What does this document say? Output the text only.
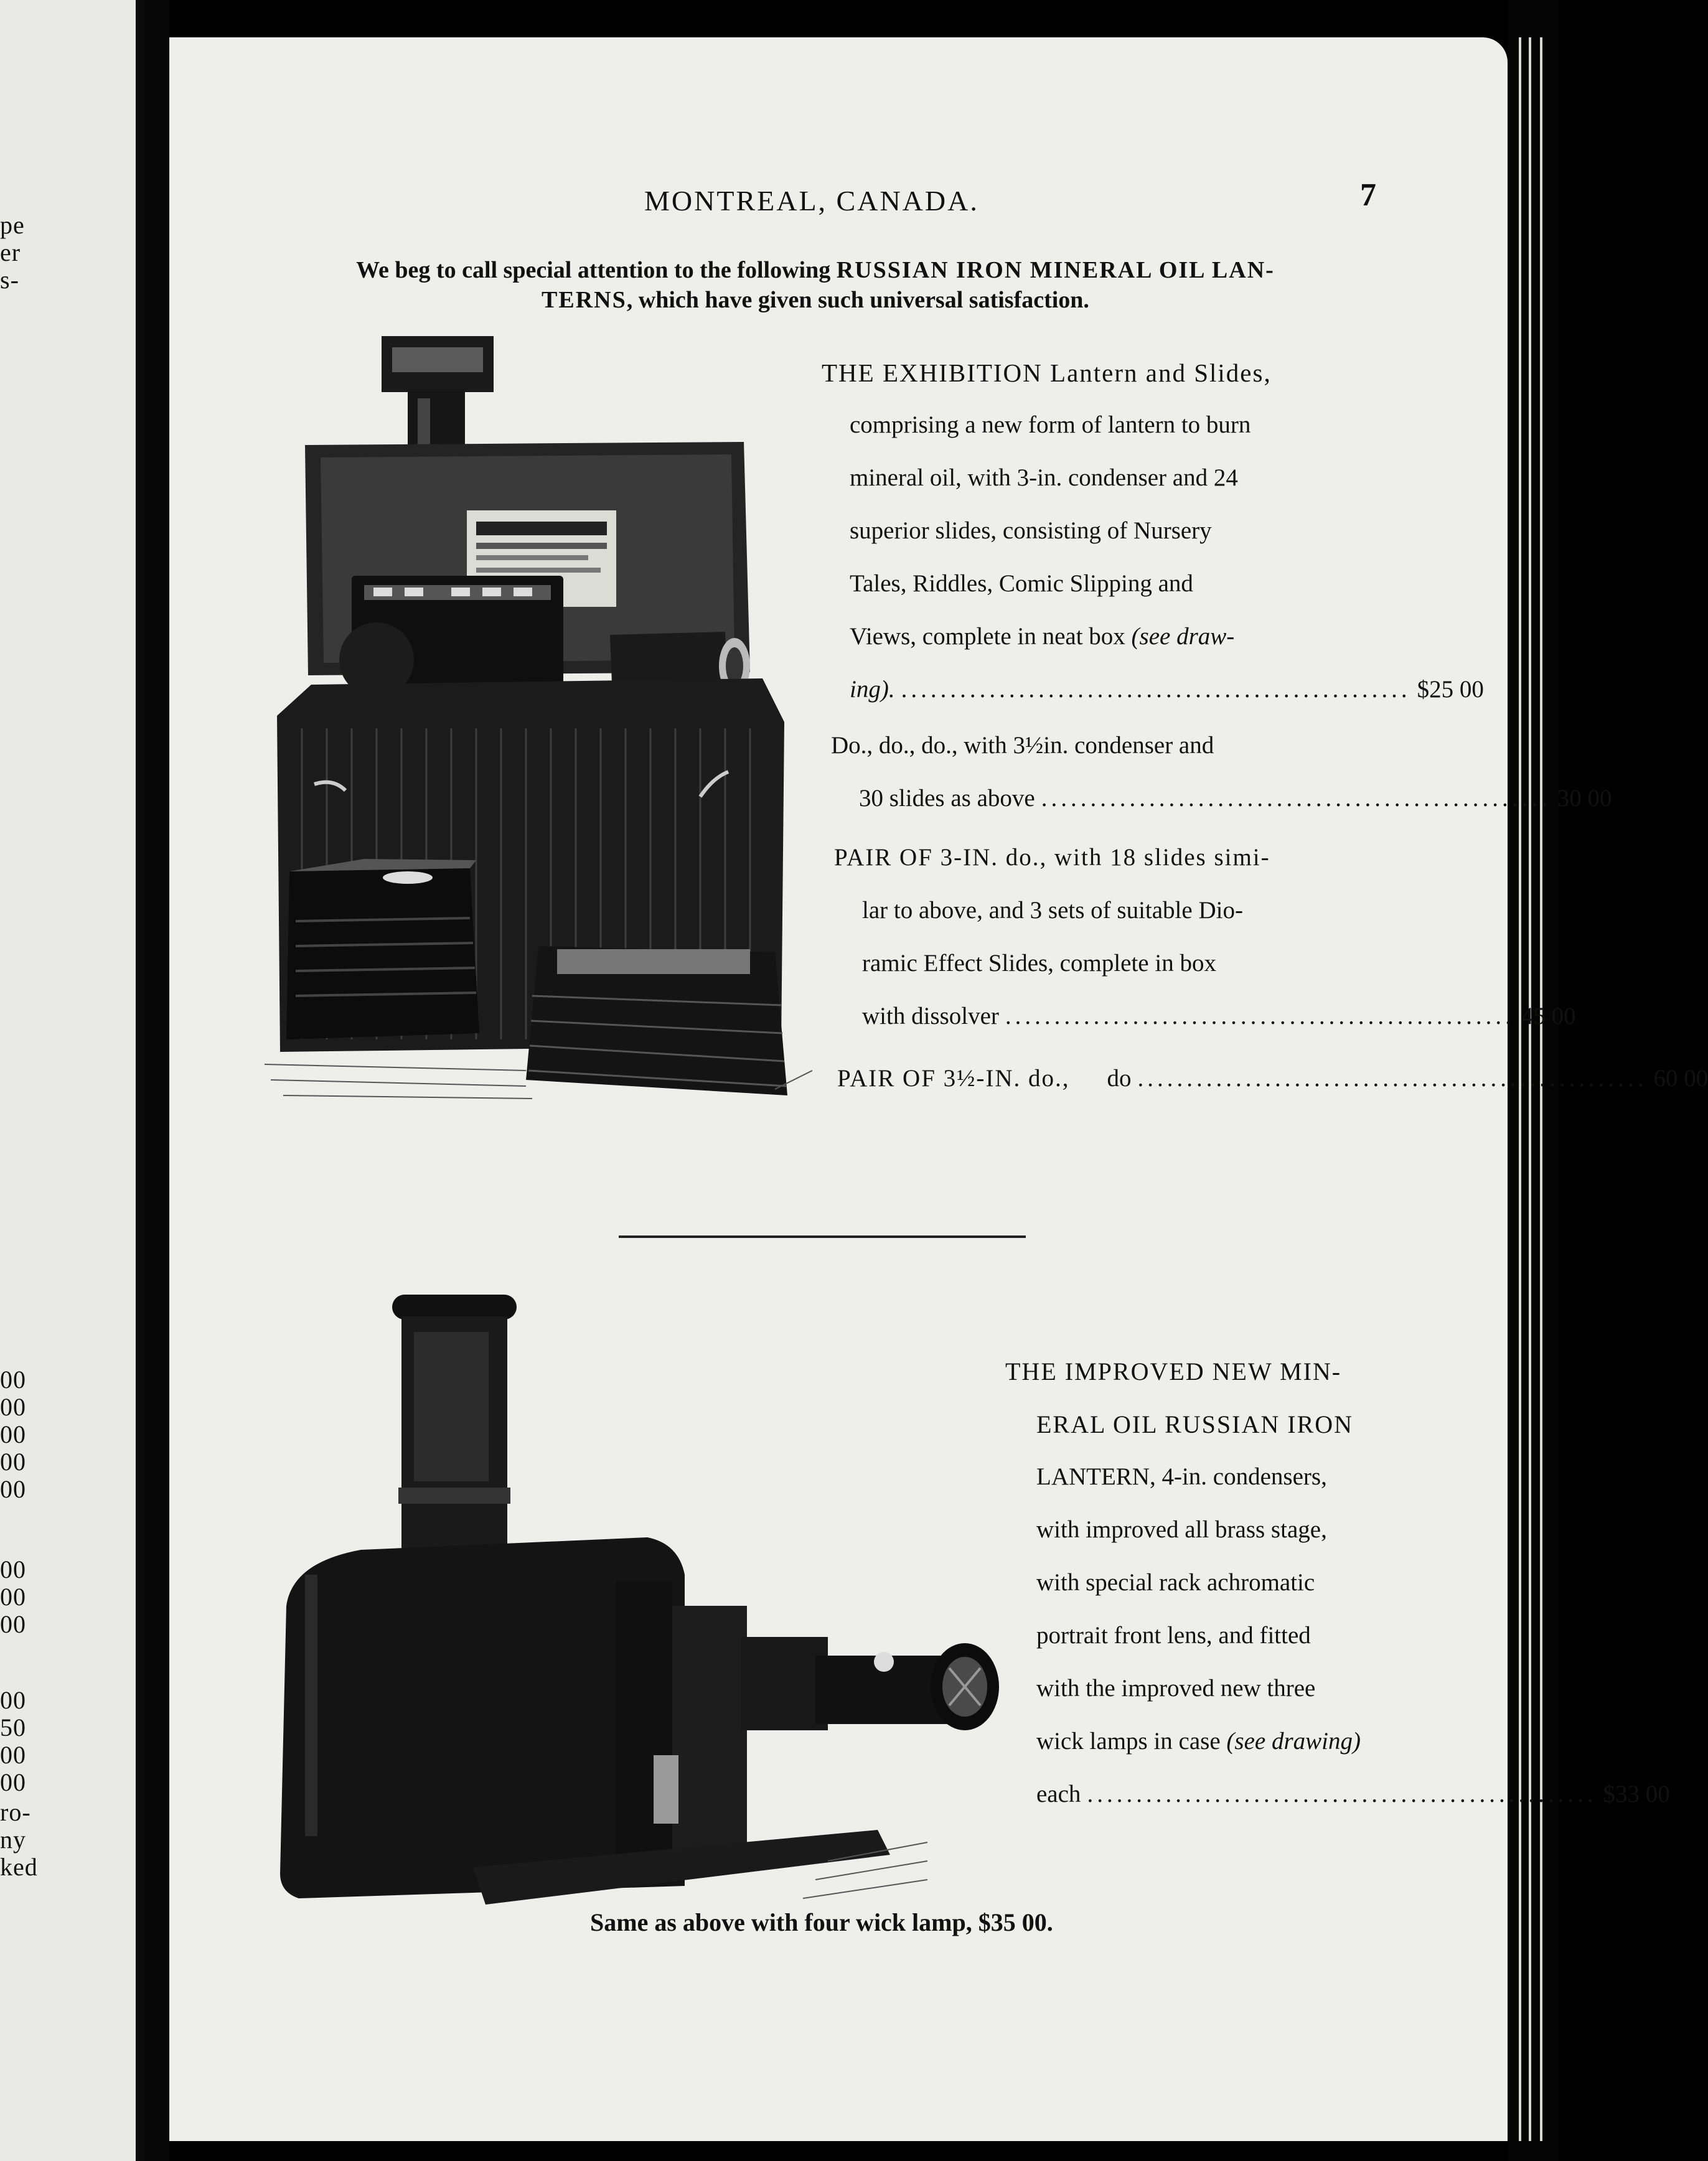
pe
er
s-
00
00
00
00
00
00
00
00
00
50
00
00
ro-
ny
ked
MONTREAL, CANADA.	7
We beg to call special attention to the following RUSSIAN IRON MINERAL OIL LAN-
TERNS, which have given such universal satisfaction.
THE EXHIBITION Lantern and Slides,
comprising a new form of lantern to burn
mineral oil, with 3-in. condenser and 24
superior slides, consisting of Nursery
Tales, Riddles, Comic Slipping and
Views, complete in neat box (see draw-
ing). .................................................... $25 00
Do., do., do., with 3½in. condenser and
30 slides as above .................................................... 30 00
PAIR OF 3-IN. do., with 18 slides simi-
lar to above, and 3 sets of suitable Dio-
ramic Effect Slides, complete in box
with dissolver .................................................... 45 00
PAIR OF 3½-IN. do., do .................................................... 60 00
THE IMPROVED NEW MIN-
ERAL OIL RUSSIAN IRON
LANTERN, 4-in. condensers,
with improved all brass stage,
with special rack achromatic
portrait front lens, and fitted
with the improved new three
wick lamps in case (see drawing)
each .................................................... $33 00
Same as above with four wick lamp, $35 00.
